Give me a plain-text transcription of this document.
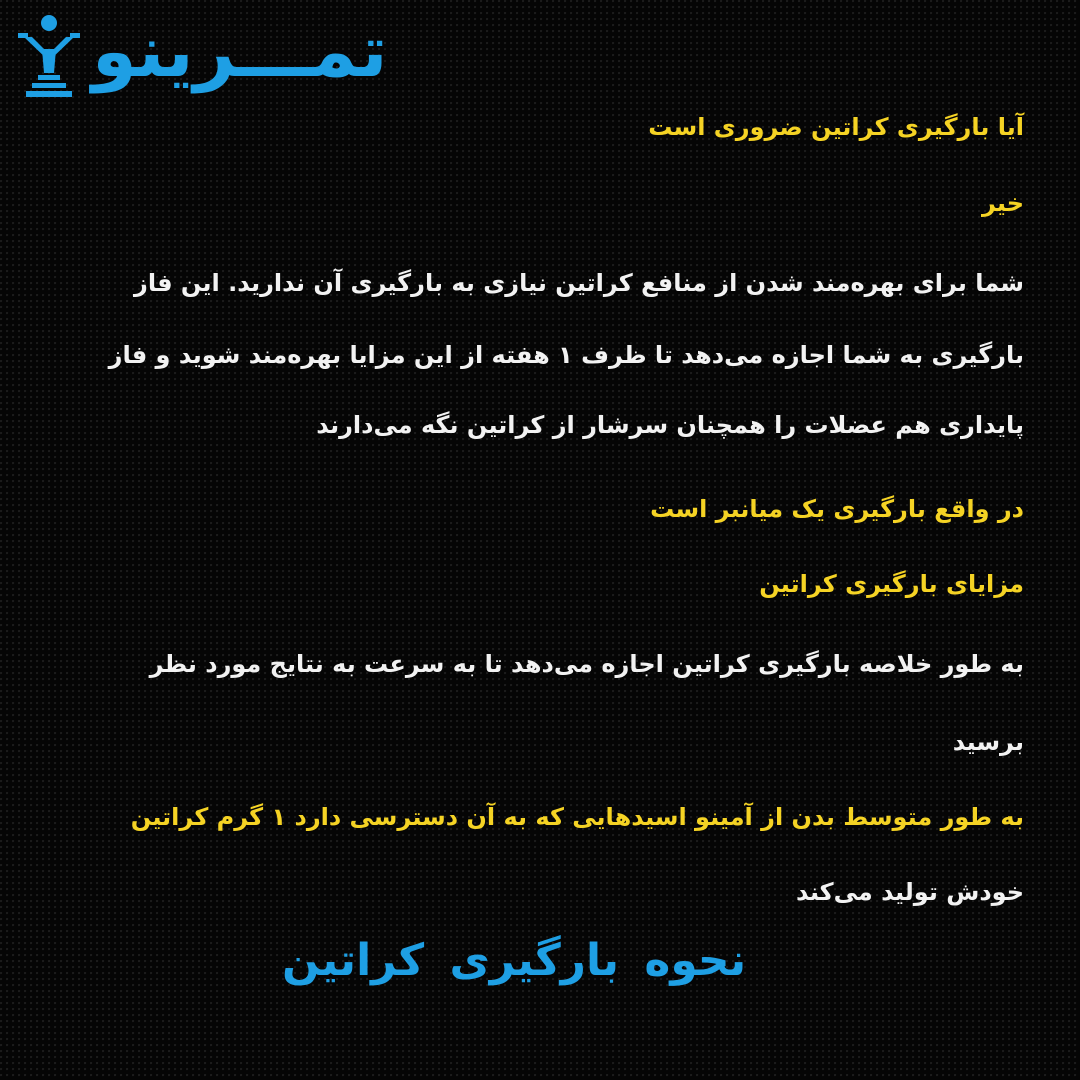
تمـــرینو
آیا بارگیری کراتین ضروری است
خیر
شما برای بهره‌مند شدن از منافع کراتین نیازی به بارگیری آن ندارید. این فاز
بارگیری به شما اجازه می‌دهد تا ظرف ۱ هفته از این مزایا بهره‌مند شوید و فاز
پایداری هم عضلات را همچنان سرشار از کراتین نگه می‌دارند
در واقع بارگیری یک میانبر است
مزایای بارگیری کراتین
به طور خلاصه بارگیری کراتین اجازه می‌دهد تا به سرعت به نتایج مورد نظر
برسید
به طور متوسط بدن از آمینو اسیدهایی که به آن دسترسی دارد ۱ گرم کراتین
خودش تولید می‌کند
نحوه بارگیری کراتین
